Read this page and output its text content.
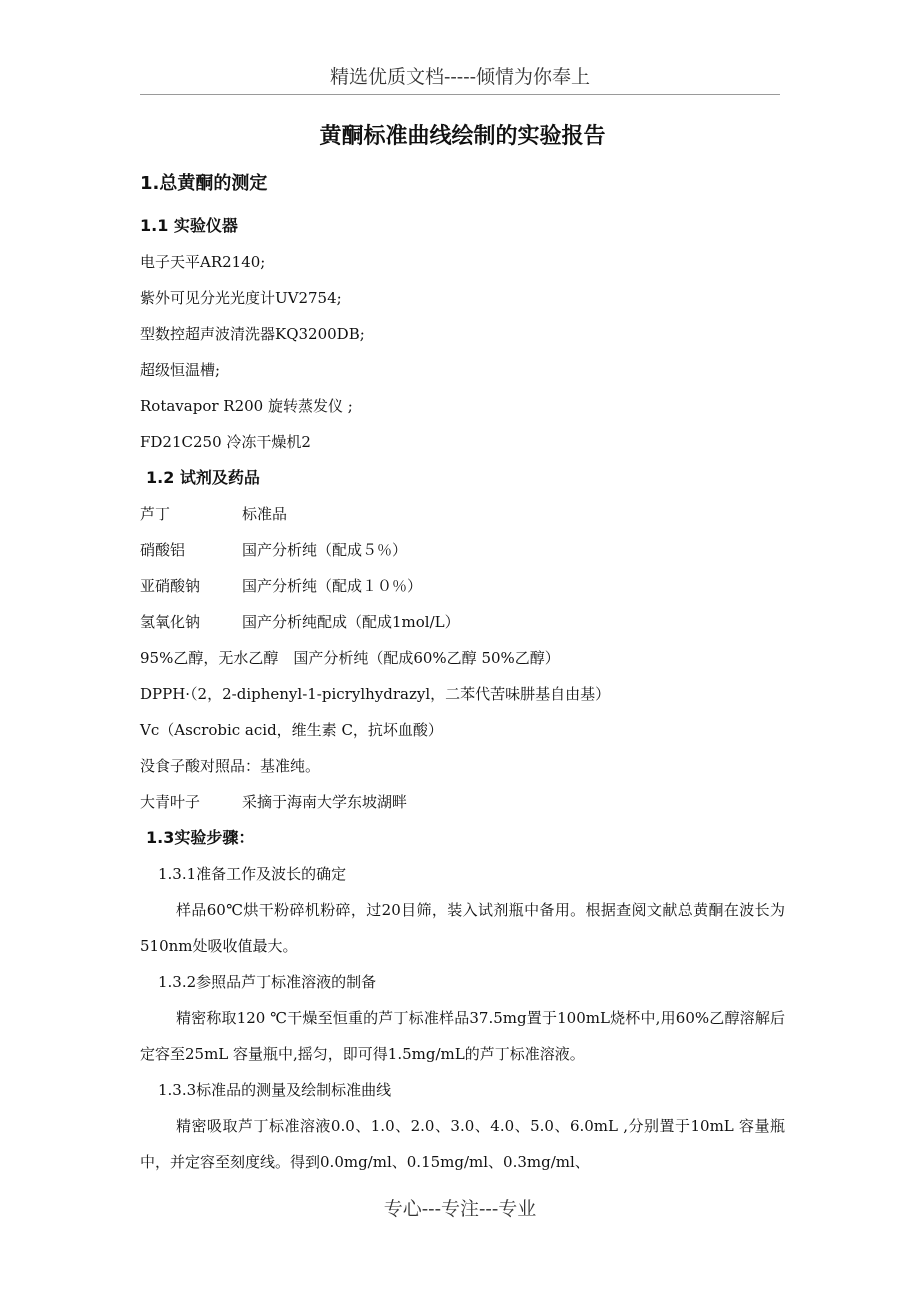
精选优质文档-----倾情为你奉上
黄酮标准曲线绘制的实验报告
1.总黄酮的测定
1.1 实验仪器
电子天平AR2140;
紫外可见分光光度计UV2754;
型数控超声波清洗器KQ3200DB;
超级恒温槽;
Rotavapor R200 旋转蒸发仪 ;
FD21C250 冷冻干燥机2
1.2 试剂及药品
芦丁	标准品
硝酸铝	国产分析纯（配成５％）
亚硝酸钠	国产分析纯（配成１０％）
氢氧化钠	国产分析纯配成（配成1mol/L）
95%乙醇，无水乙醇　国产分析纯（配成60%乙醇 50%乙醇）
DPPH·（2，2-diphenyl-1-picrylhydrazyl，二苯代苦味肼基自由基）
Vc（Ascrobic acid，维生素 C，抗坏血酸）
没食子酸对照品：基准纯。
大青叶子	采摘于海南大学东坡湖畔
1.3实验步骤：
1.3.1准备工作及波长的确定
样品60℃烘干粉碎机粉碎，过20目筛，装入试剂瓶中备用。根据查阅文献总黄酮在波长为510nm处吸收值最大。
1.3.2参照品芦丁标准溶液的制备
精密称取120 ℃干燥至恒重的芦丁标准样品37.5mg置于100mL烧杯中,用60%乙醇溶解后定容至25mL 容量瓶中,摇匀，即可得1.5mg/mL的芦丁标准溶液。
1.3.3标准品的测量及绘制标准曲线
精密吸取芦丁标准溶液0.0、1.0、2.0、3.0、4.0、5.0、6.0mL ,分别置于10mL 容量瓶中，并定容至刻度线。得到0.0mg/ml、0.15mg/ml、0.3mg/ml、
专心---专注---专业
